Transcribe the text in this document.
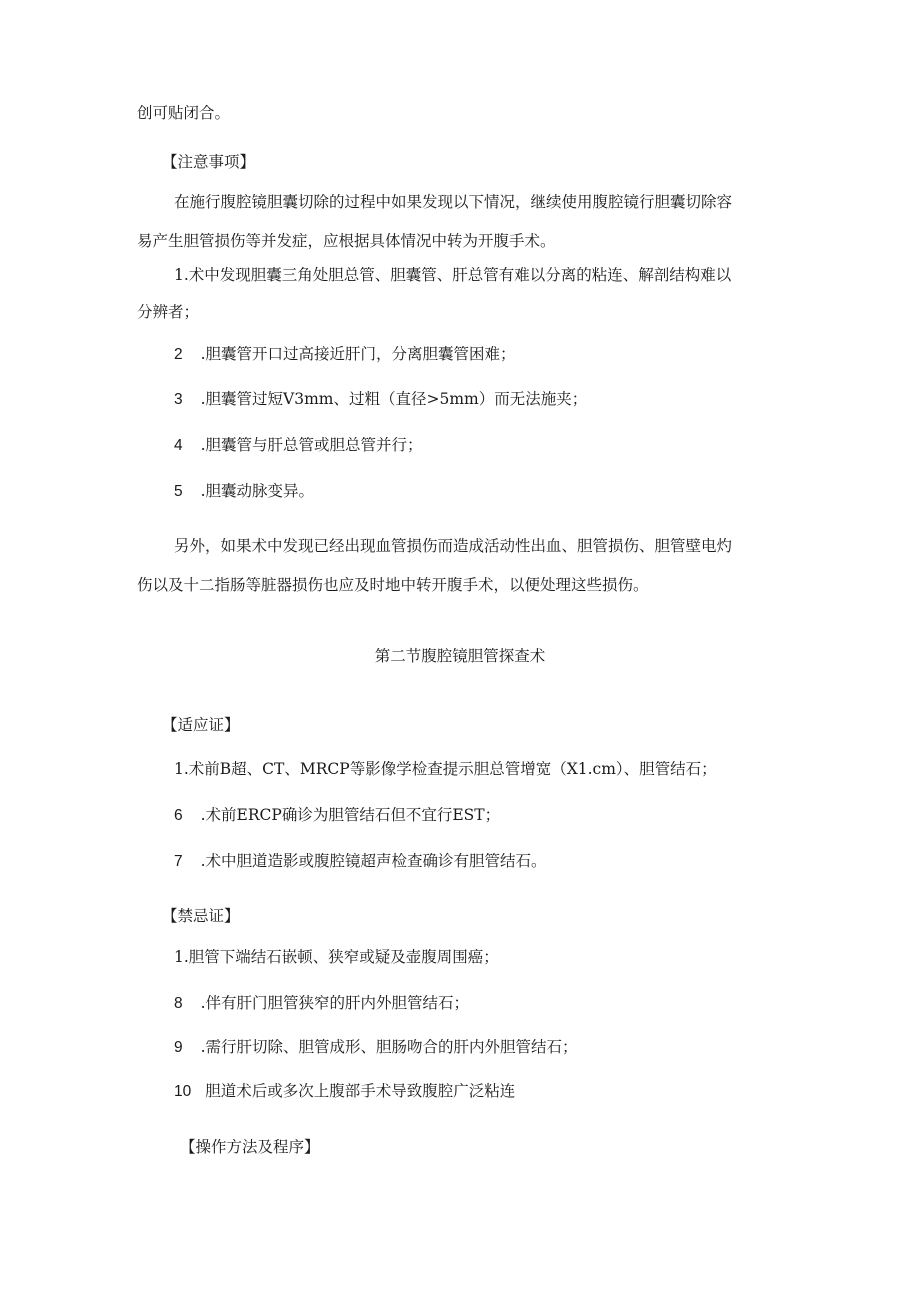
创可贴闭合。

【注意事项】

在施行腹腔镜胆囊切除的过程中如果发现以下情况，继续使用腹腔镜行胆囊切除容

易产生胆管损伤等并发症，应根据具体情况中转为开腹手术。

1.术中发现胆囊三角处胆总管、胆囊管、肝总管有难以分离的粘连、解剖结构难以

分辨者；

2 .胆囊管开口过高接近肝门，分离胆囊管困难；

3 .胆囊管过短V3mm、过粗（直径>5mm）而无法施夹；

4 .胆囊管与肝总管或胆总管并行；

5 .胆囊动脉变异。

另外，如果术中发现已经出现血管损伤而造成活动性出血、胆管损伤、胆管壁电灼

伤以及十二指肠等脏器损伤也应及时地中转开腹手术，以便处理这些损伤。

第二节腹腔镜胆管探查术

【适应证】

1.术前B超、CT、MRCP等影像学检查提示胆总管增宽（X1.cm）、胆管结石；

6 .术前ERCP确诊为胆管结石但不宜行EST；

7 .术中胆道造影或腹腔镜超声检查确诊有胆管结石。

【禁忌证】

1.胆管下端结石嵌顿、狭窄或疑及壶腹周围癌；

8 .伴有肝门胆管狭窄的肝内外胆管结石；

9 .需行肝切除、胆管成形、胆肠吻合的肝内外胆管结石；

10 胆道术后或多次上腹部手术导致腹腔广泛粘连

【操作方法及程序】
